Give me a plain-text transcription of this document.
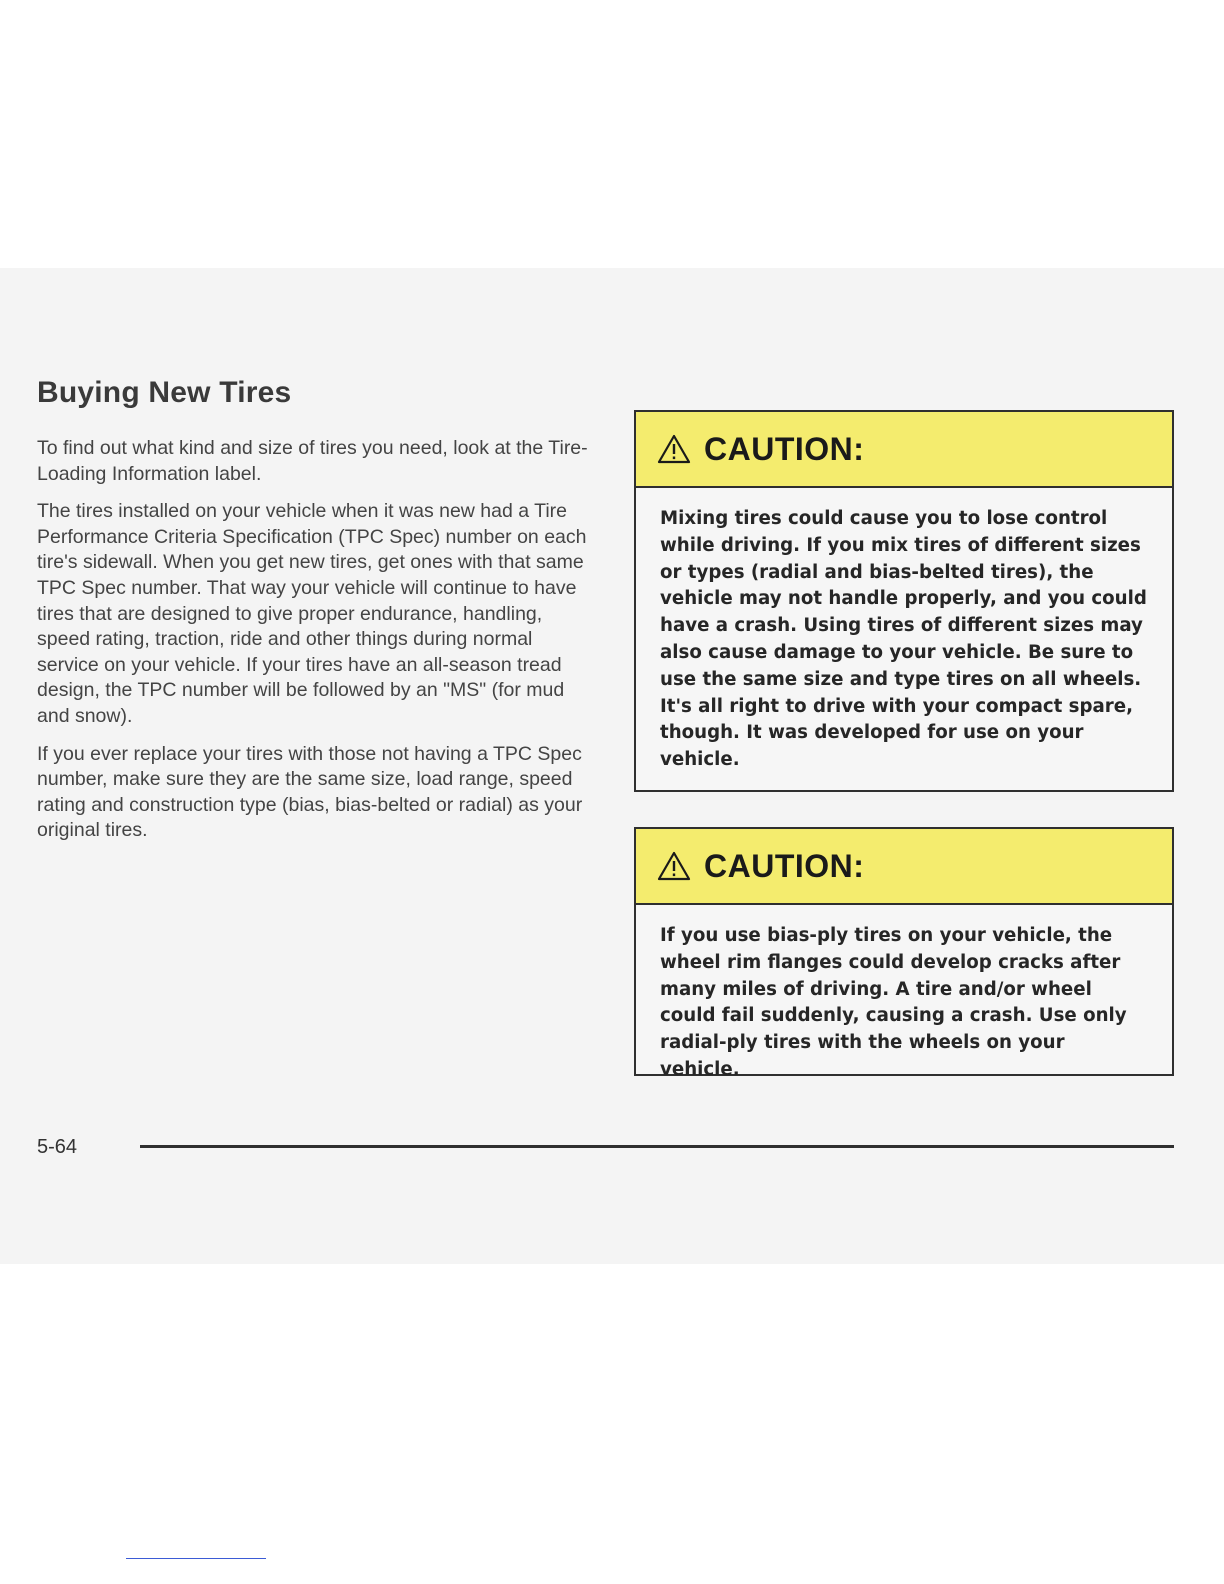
Buying New Tires

To find out what kind and size of tires you need, look at the Tire-Loading Information label.

The tires installed on your vehicle when it was new had a Tire Performance Criteria Specification (TPC Spec) number on each tire's sidewall. When you get new tires, get ones with that same TPC Spec number. That way your vehicle will continue to have tires that are designed to give proper endurance, handling, speed rating, traction, ride and other things during normal service on your vehicle. If your tires have an all-season tread design, the TPC number will be followed by an "MS" (for mud and snow).

If you ever replace your tires with those not having a TPC Spec number, make sure they are the same size, load range, speed rating and construction type (bias, bias-belted or radial) as your original tires.

CAUTION:
Mixing tires could cause you to lose control while driving. If you mix tires of different sizes or types (radial and bias-belted tires), the vehicle may not handle properly, and you could have a crash. Using tires of different sizes may also cause damage to your vehicle. Be sure to use the same size and type tires on all wheels. It's all right to drive with your compact spare, though. It was developed for use on your vehicle.
CAUTION:
If you use bias-ply tires on your vehicle, the wheel rim flanges could develop cracks after many miles of driving. A tire and/or wheel could fail suddenly, causing a crash. Use only radial-ply tires with the wheels on your vehicle.
5-64
